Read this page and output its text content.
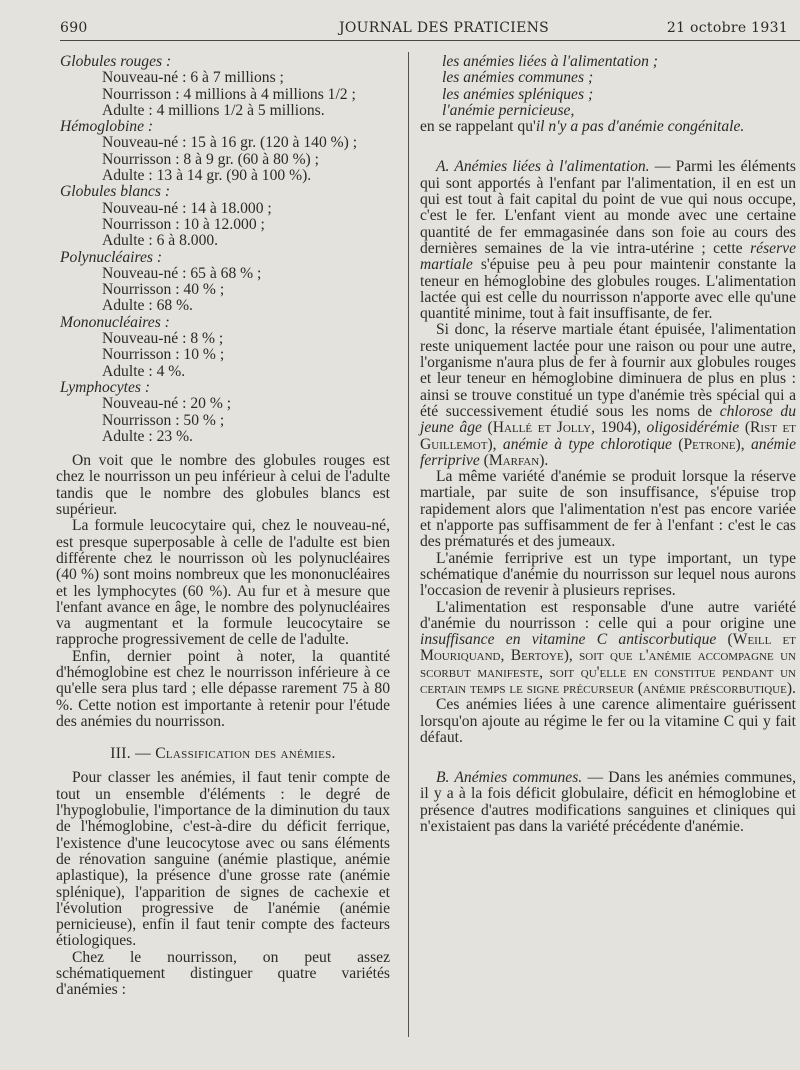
690	JOURNAL DES PRATICIENS	21 octobre 1931
Globules rouges :
Nouveau-né : 6 à 7 millions ;
Nourrisson : 4 millions à 4 millions 1/2 ;
Adulte : 4 millions 1/2 à 5 millions.
Hémoglobine :
Nouveau-né : 15 à 16 gr. (120 à 140 %) ;
Nourrisson : 8 à 9 gr. (60 à 80 %) ;
Adulte : 13 à 14 gr. (90 à 100 %).
Globules blancs :
Nouveau-né : 14 à 18.000 ;
Nourrisson : 10 à 12.000 ;
Adulte : 6 à 8.000.
Polynucléaires :
Nouveau-né : 65 à 68 % ;
Nourrisson : 40 % ;
Adulte : 68 %.
Mononucléaires :
Nouveau-né : 8 % ;
Nourrisson : 10 % ;
Adulte : 4 %.
Lymphocytes :
Nouveau-né : 20 % ;
Nourrisson : 50 % ;
Adulte : 23 %.

On voit que le nombre des globules rouges est chez le nourrisson un peu inférieur à celui de l'adulte tandis que le nombre des globules blancs est supérieur.

La formule leucocytaire qui, chez le nouveau-né, est presque superposable à celle de l'adulte est bien différente chez le nourrisson où les polynucléaires (40 %) sont moins nombreux que les mononucléaires et les lymphocytes (60 %). Au fur et à mesure que l'enfant avance en âge, le nombre des polynucléaires va augmentant et la formule leucocytaire se rapproche progressivement de celle de l'adulte.

Enfin, dernier point à noter, la quantité d'hémoglobine est chez le nourrisson inférieure à ce qu'elle sera plus tard ; elle dépasse rarement 75 à 80 %. Cette notion est importante à retenir pour l'étude des anémies du nourrisson.

III. — Classification des anémies.

Pour classer les anémies, il faut tenir compte de tout un ensemble d'éléments : le degré de l'hypoglobulie, l'importance de la diminution du taux de l'hémoglobine, c'est-à-dire du déficit ferrique, l'existence d'une leucocytose avec ou sans éléments de rénovation sanguine (anémie plastique, anémie aplastique), la présence d'une grosse rate (anémie splénique), l'apparition de signes de cachexie et l'évolution progressive de l'anémie (anémie pernicieuse), enfin il faut tenir compte des facteurs étiologiques.

Chez le nourrisson, on peut assez schématiquement distinguer quatre variétés d'anémies :

les anémies liées à l'alimentation ;
les anémies communes ;
les anémies spléniques ;
l'anémie pernicieuse,

en se rappelant qu'il n'y a pas d'anémie congénitale.

A. Anémies liées à l'alimentation. — Parmi les éléments qui sont apportés à l'enfant par l'alimentation, il en est un qui est tout à fait capital du point de vue qui nous occupe, c'est le fer. L'enfant vient au monde avec une certaine quantité de fer emmagasinée dans son foie au cours des dernières semaines de la vie intra-utérine ; cette réserve martiale s'épuise peu à peu pour maintenir constante la teneur en hémoglobine des globules rouges. L'alimentation lactée qui est celle du nourrisson n'apporte avec elle qu'une quantité minime, tout à fait insuffisante, de fer.

Si donc, la réserve martiale étant épuisée, l'alimentation reste uniquement lactée pour une raison ou pour une autre, l'organisme n'aura plus de fer à fournir aux globules rouges et leur teneur en hémoglobine diminuera de plus en plus : ainsi se trouve constitué un type d'anémie très spécial qui a été successivement étudié sous les noms de chlorose du jeune âge (Hallé et Jolly, 1904), oligosidérémie (Rist et Guillemot), anémie à type chlorotique (Petrone), anémie ferriprive (Marfan).

La même variété d'anémie se produit lorsque la réserve martiale, par suite de son insuffisance, s'épuise trop rapidement alors que l'alimentation n'est pas encore variée et n'apporte pas suffisamment de fer à l'enfant : c'est le cas des prématurés et des jumeaux.

L'anémie ferriprive est un type important, un type schématique d'anémie du nourrisson sur lequel nous aurons l'occasion de revenir à plusieurs reprises.

L'alimentation est responsable d'une autre variété d'anémie du nourrisson : celle qui a pour origine une insuffisance en vitamine C antiscorbutique (Weill et Mouriquand, Bertoye), soit que l'anémie accompagne un scorbut manifeste, soit qu'elle en constitue pendant un certain temps le signe précurseur (anémie préscorbutique).

Ces anémies liées à une carence alimentaire guérissent lorsqu'on ajoute au régime le fer ou la vitamine C qui y fait défaut.

B. Anémies communes. — Dans les anémies communes, il y a à la fois déficit globulaire, déficit en hémoglobine et présence d'autres modifications sanguines et cliniques qui n'existaient pas dans la variété précédente d'anémie.
